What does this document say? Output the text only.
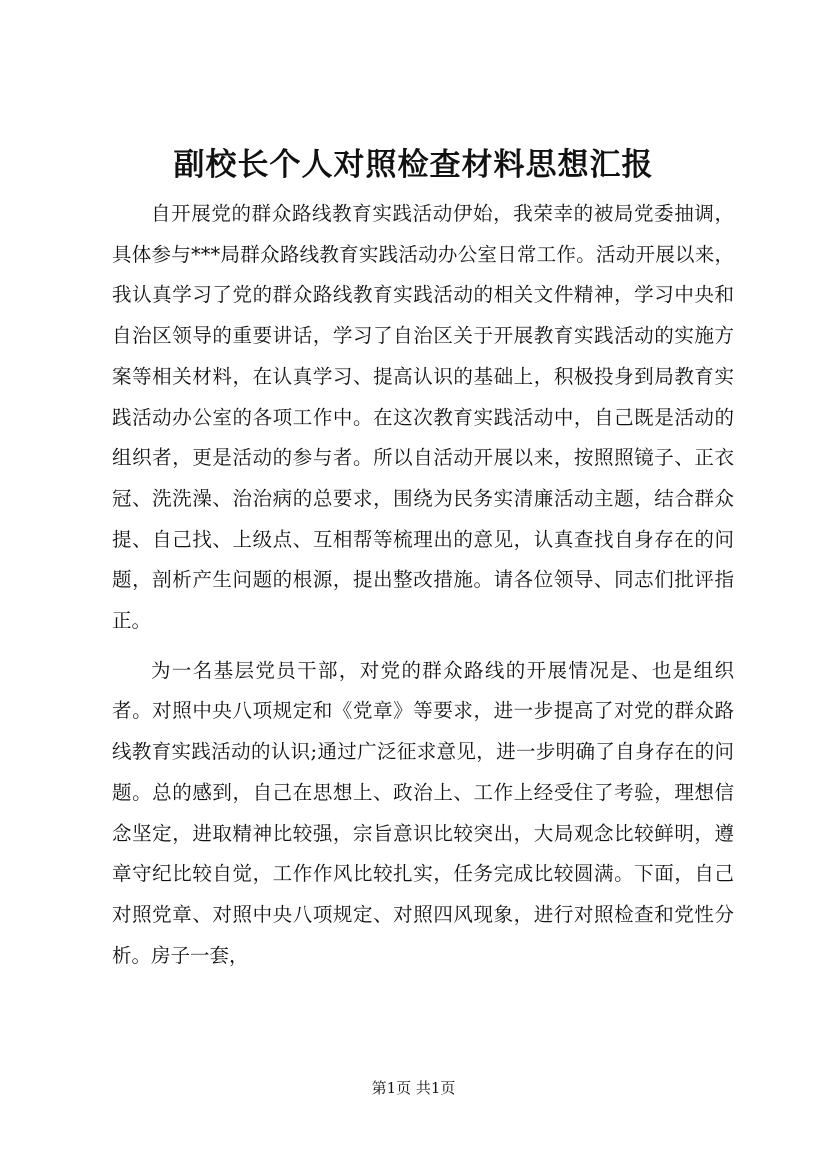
副校长个人对照检查材料思想汇报

自开展党的群众路线教育实践活动伊始，我荣幸的被局党委抽调，具体参与***局群众路线教育实践活动办公室日常工作。活动开展以来，我认真学习了党的群众路线教育实践活动的相关文件精神，学习中央和自治区领导的重要讲话，学习了自治区关于开展教育实践活动的实施方案等相关材料，在认真学习、提高认识的基础上，积极投身到局教育实践活动办公室的各项工作中。在这次教育实践活动中，自己既是活动的组织者，更是活动的参与者。所以自活动开展以来，按照照镜子、正衣冠、洗洗澡、治治病的总要求，围绕为民务实清廉活动主题，结合群众提、自己找、上级点、互相帮等梳理出的意见，认真查找自身存在的问题，剖析产生问题的根源，提出整改措施。请各位领导、同志们批评指正。

为一名基层党员干部，对党的群众路线的开展情况是、也是组织者。对照中央八项规定和《党章》等要求，进一步提高了对党的群众路线教育实践活动的认识;通过广泛征求意见，进一步明确了自身存在的问题。总的感到，自己在思想上、政治上、工作上经受住了考验，理想信念坚定，进取精神比较强，宗旨意识比较突出，大局观念比较鲜明，遵章守纪比较自觉，工作作风比较扎实，任务完成比较圆满。下面，自己对照党章、对照中央八项规定、对照四风现象，进行对照检查和党性分析。房子一套，

第1页 共1页
